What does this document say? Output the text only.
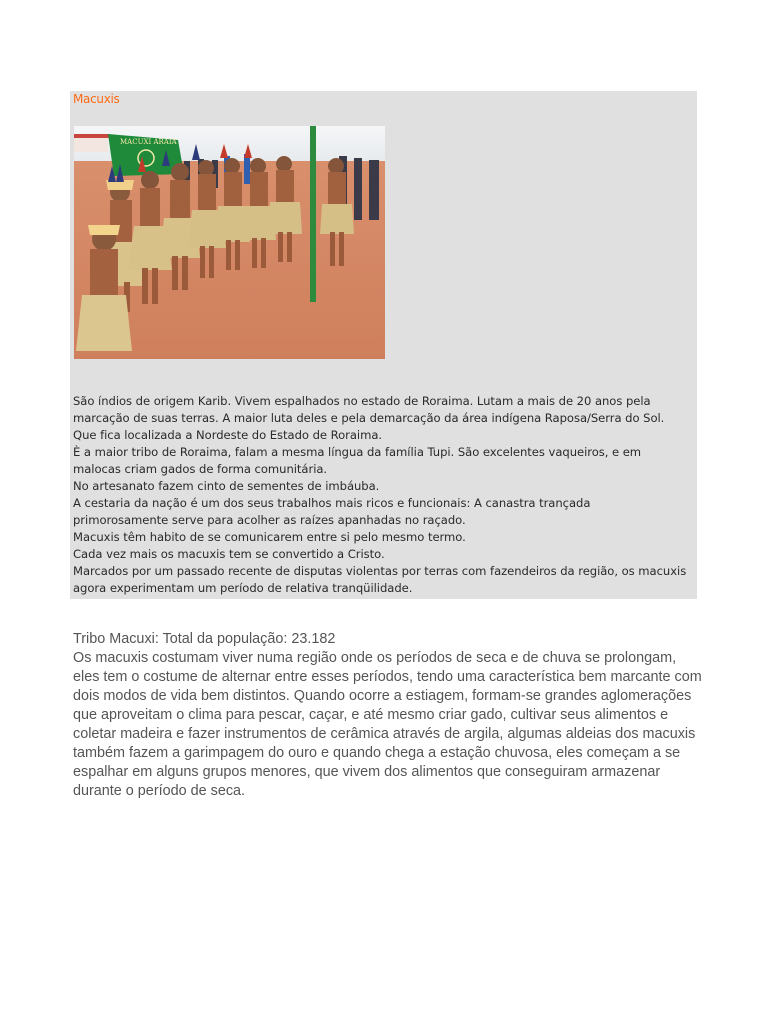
Macuxis
MACUXI ARAIA
São índios de origem Karib. Vivem espalhados no estado de Roraima. Lutam a mais de 20 anos pela
marcação de suas terras. A maior luta deles e pela demarcação da área indígena Raposa/Serra do Sol.
Que fica localizada a Nordeste do Estado de Roraima.
È a maior tribo de Roraima, falam a mesma língua da família Tupi. São excelentes vaqueiros, e em
malocas criam gados de forma comunitária.
No artesanato fazem cinto de sementes de imbáuba.
A cestaria da nação é um dos seus trabalhos mais ricos e funcionais: A canastra trançada
primorosamente serve para acolher as raízes apanhadas no raçado.
Macuxis têm habito de se comunicarem entre si pelo mesmo termo.
Cada vez mais os macuxis tem se convertido a Cristo.
Marcados por um passado recente de disputas violentas por terras com fazendeiros da região, os macuxis
agora experimentam um período de relativa tranqüilidade.
Tribo Macuxi: Total da população: 23.182
Os macuxis costumam viver numa região onde os períodos de seca e de chuva se prolongam,
eles tem o costume de alternar entre esses períodos, tendo uma característica bem marcante com
dois modos de vida bem distintos. Quando ocorre a estiagem, formam-se grandes aglomerações
que aproveitam o clima para pescar, caçar, e até mesmo criar gado, cultivar seus alimentos e
coletar madeira e fazer instrumentos de cerâmica através de argila, algumas aldeias dos macuxis
também fazem a garimpagem do ouro e quando chega a estação chuvosa, eles começam a se
espalhar em alguns grupos menores, que vivem dos alimentos que conseguiram armazenar
durante o período de seca.
